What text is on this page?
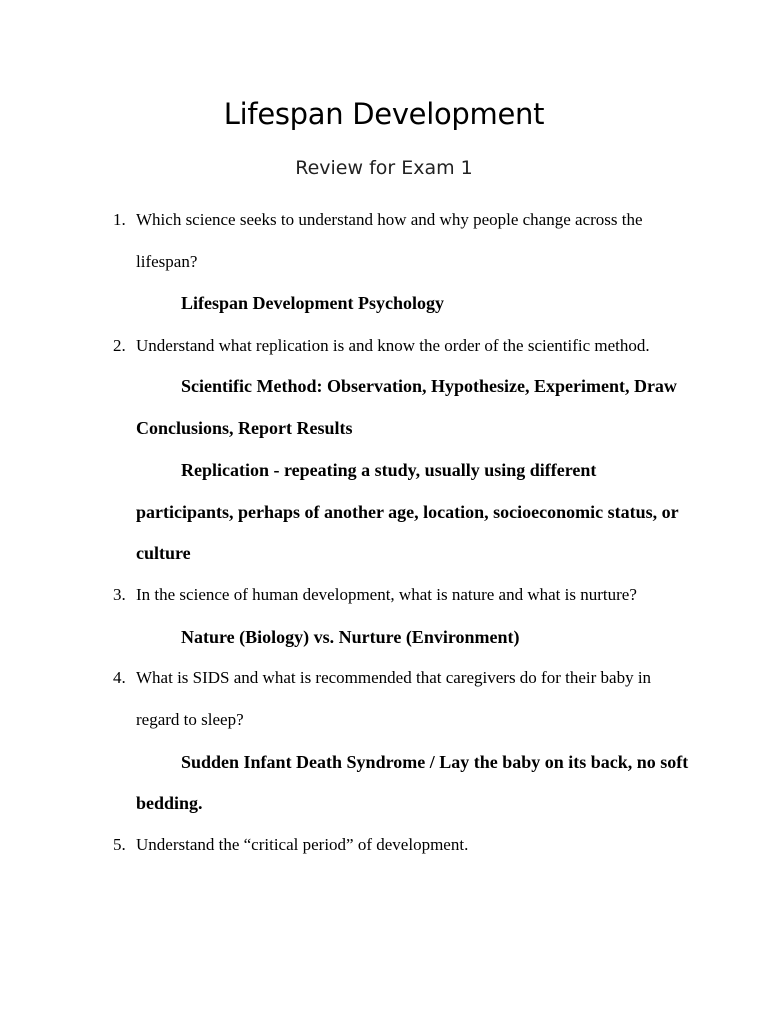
Lifespan Development
Review for Exam 1
1. Which science seeks to understand how and why people change across the
lifespan?
Lifespan Development Psychology
2. Understand what replication is and know the order of the scientific method.
Scientific Method: Observation, Hypothesize, Experiment, Draw
Conclusions, Report Results
Replication - repeating a study, usually using different
participants, perhaps of another age, location, socioeconomic status, or
culture
3. In the science of human development, what is nature and what is nurture?
Nature (Biology) vs. Nurture (Environment)
4. What is SIDS and what is recommended that caregivers do for their baby in
regard to sleep?
Sudden Infant Death Syndrome / Lay the baby on its back, no soft
bedding.
5. Understand the “critical period” of development.
